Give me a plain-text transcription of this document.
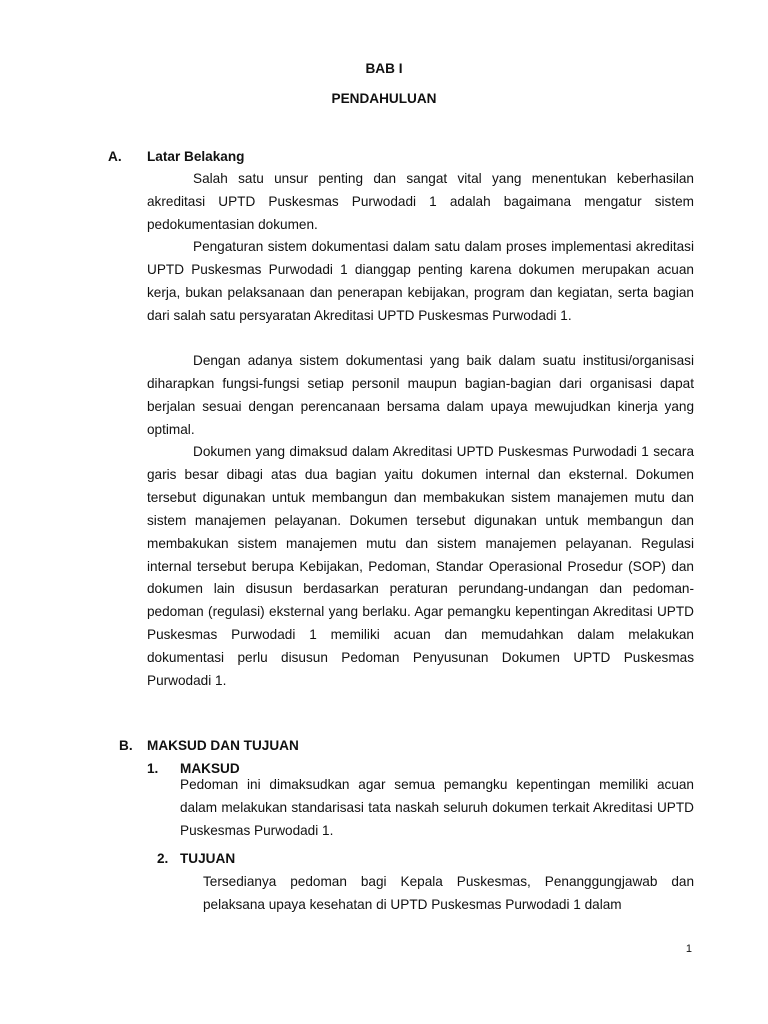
BAB I
PENDAHULUAN
A. Latar Belakang

Salah satu unsur penting dan sangat vital yang menentukan keberhasilan akreditasi UPTD Puskesmas Purwodadi 1 adalah bagaimana mengatur sistem pedokumentasian dokumen.

Pengaturan sistem dokumentasi dalam satu dalam proses implementasi akreditasi UPTD Puskesmas Purwodadi 1 dianggap penting karena dokumen merupakan acuan kerja, bukan pelaksanaan dan penerapan kebijakan, program dan kegiatan, serta bagian dari salah satu persyaratan Akreditasi UPTD Puskesmas Purwodadi 1.

Dengan adanya sistem dokumentasi yang baik dalam suatu institusi/organisasi diharapkan fungsi-fungsi setiap personil maupun bagian-bagian dari organisasi dapat berjalan sesuai dengan perencanaan bersama dalam upaya mewujudkan kinerja yang optimal.

Dokumen yang dimaksud dalam Akreditasi UPTD Puskesmas Purwodadi 1 secara garis besar dibagi atas dua bagian yaitu dokumen internal dan eksternal. Dokumen tersebut digunakan untuk membangun dan membakukan sistem manajemen mutu dan sistem manajemen pelayanan. Dokumen tersebut digunakan untuk membangun dan membakukan sistem manajemen mutu dan sistem manajemen pelayanan. Regulasi internal tersebut berupa Kebijakan, Pedoman, Standar Operasional Prosedur (SOP) dan dokumen lain disusun berdasarkan peraturan perundang-undangan dan pedoman-pedoman (regulasi) eksternal yang berlaku. Agar pemangku kepentingan Akreditasi UPTD Puskesmas Purwodadi 1 memiliki acuan dan memudahkan dalam melakukan dokumentasi perlu disusun Pedoman Penyusunan Dokumen UPTD Puskesmas Purwodadi 1.

B. MAKSUD DAN TUJUAN
1. MAKSUD

Pedoman ini dimaksudkan agar semua pemangku kepentingan memiliki acuan dalam melakukan standarisasi tata naskah seluruh dokumen terkait Akreditasi UPTD Puskesmas Purwodadi 1.

2. TUJUAN

Tersedianya pedoman bagi Kepala Puskesmas, Penanggungjawab dan pelaksana upaya kesehatan di UPTD Puskesmas Purwodadi 1 dalam

1
